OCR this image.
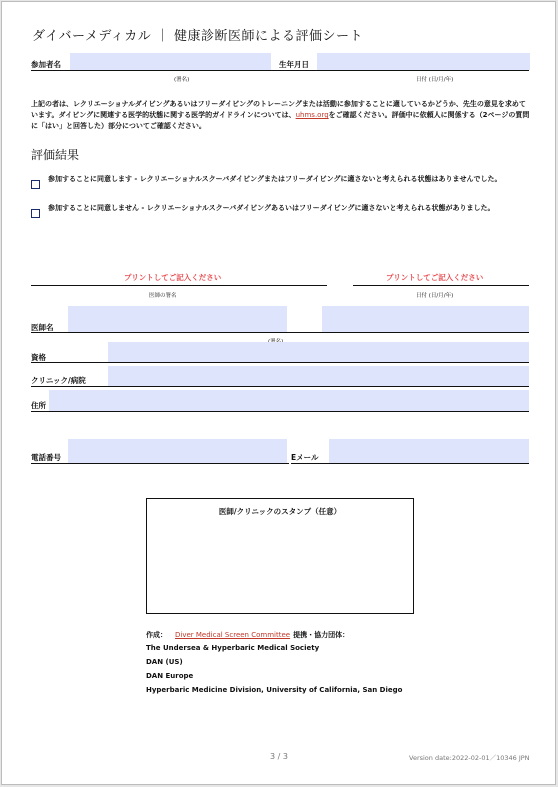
ダイバーメディカル ｜ 健康診断医師による評価シート
参加者名	生年月日
(署名)	日付 (日/月/年)
上記の者は、レクリエーショナルダイビングあるいはフリーダイビングのトレーニングまたは活動に参加することに適しているかどうか、先生の意見を求めています。ダイビングに関連する医学的状態に関する医学的ガイドラインについては、uhms.orgをご確認ください。評価中に依頼人に関係する（2ページの質問に「はい」と回答した）部分についてご確認ください。
評価結果
参加することに同意します - レクリエーショナルスクーバダイビングまたはフリーダイビングに適さないと考えられる状態はありませんでした。
参加することに同意しません - レクリエーショナルスクーバダイビングあるいはフリーダイビングに適さないと考えられる状態がありました。
プリントしてご記入ください	プリントしてご記入ください
医師の署名	日付 (日/月/年)
医師名
資格
クリニック/病院
住所
電話番号	Eメール
医師/クリニックのスタンプ（任意）
作成： Diver Medical Screen Committee 提携・協力団体：
The Undersea & Hyperbaric Medical Society
DAN (US)
DAN Europe
Hyperbaric Medicine Division, University of California, San Diego
3 / 3	Version date:2022-02-01／10346 JPN
